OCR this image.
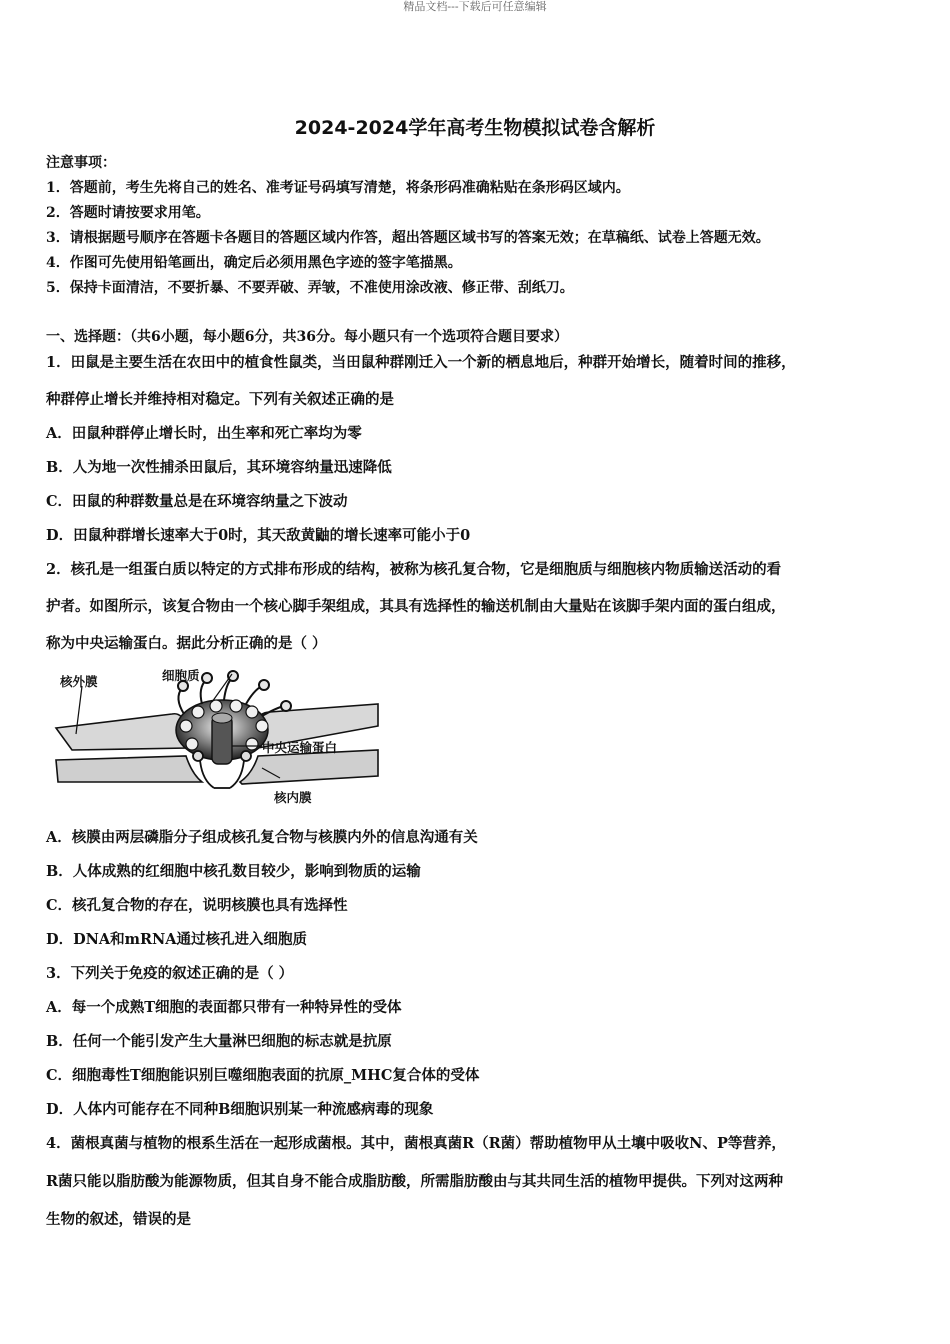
精品文档---下载后可任意编辑
2024-2024学年高考生物模拟试卷含解析
注意事项：
1．答题前，考生先将自己的姓名、准考证号码填写清楚，将条形码准确粘贴在条形码区域内。
2．答题时请按要求用笔。
3．请根据题号顺序在答题卡各题目的答题区域内作答，超出答题区域书写的答案无效；在草稿纸、试卷上答题无效。
4．作图可先使用铅笔画出，确定后必须用黑色字迹的签字笔描黑。
5．保持卡面清洁，不要折暴、不要弄破、弄皱，不准使用涂改液、修正带、刮纸刀。
一、选择题：（共6小题，每小题6分，共36分。每小题只有一个选项符合题目要求）
1．田鼠是主要生活在农田中的植食性鼠类，当田鼠种群刚迁入一个新的栖息地后，种群开始增长，随着时间的推移，
种群停止增长并维持相对稳定。下列有关叙述正确的是
A．田鼠种群停止增长时，出生率和死亡率均为零
B．人为地一次性捕杀田鼠后，其环境容纳量迅速降低
C．田鼠的种群数量总是在环境容纳量之下波动
D．田鼠种群增长速率大于0时，其天敌黄鼬的增长速率可能小于0
2．核孔是一组蛋白质以特定的方式排布形成的结构，被称为核孔复合物，它是细胞质与细胞核内物质输送活动的看
护者。如图所示，该复合物由一个核心脚手架组成，其具有选择性的输送机制由大量贴在该脚手架内面的蛋白组成，
称为中央运输蛋白。据此分析正确的是（ ）
核外膜	细胞质
中央运输蛋白
核内膜
A．核膜由两层磷脂分子组成核孔复合物与核膜内外的信息沟通有关
B．人体成熟的红细胞中核孔数目较少，影响到物质的运输
C．核孔复合物的存在，说明核膜也具有选择性
D．DNA和mRNA通过核孔进入细胞质
3．下列关于免疫的叙述正确的是（ ）
A．每一个成熟T细胞的表面都只带有一种特异性的受体
B．任何一个能引发产生大量淋巴细胞的标志就是抗原
C．细胞毒性T细胞能识别巨噬细胞表面的抗原_MHC复合体的受体
D．人体内可能存在不同种B细胞识别某一种流感病毒的现象
4．菌根真菌与植物的根系生活在一起形成菌根。其中，菌根真菌R（R菌）帮助植物甲从土壤中吸收N、P等营养，
R菌只能以脂肪酸为能源物质，但其自身不能合成脂肪酸，所需脂肪酸由与其共同生活的植物甲提供。下列对这两种
生物的叙述，错误的是
